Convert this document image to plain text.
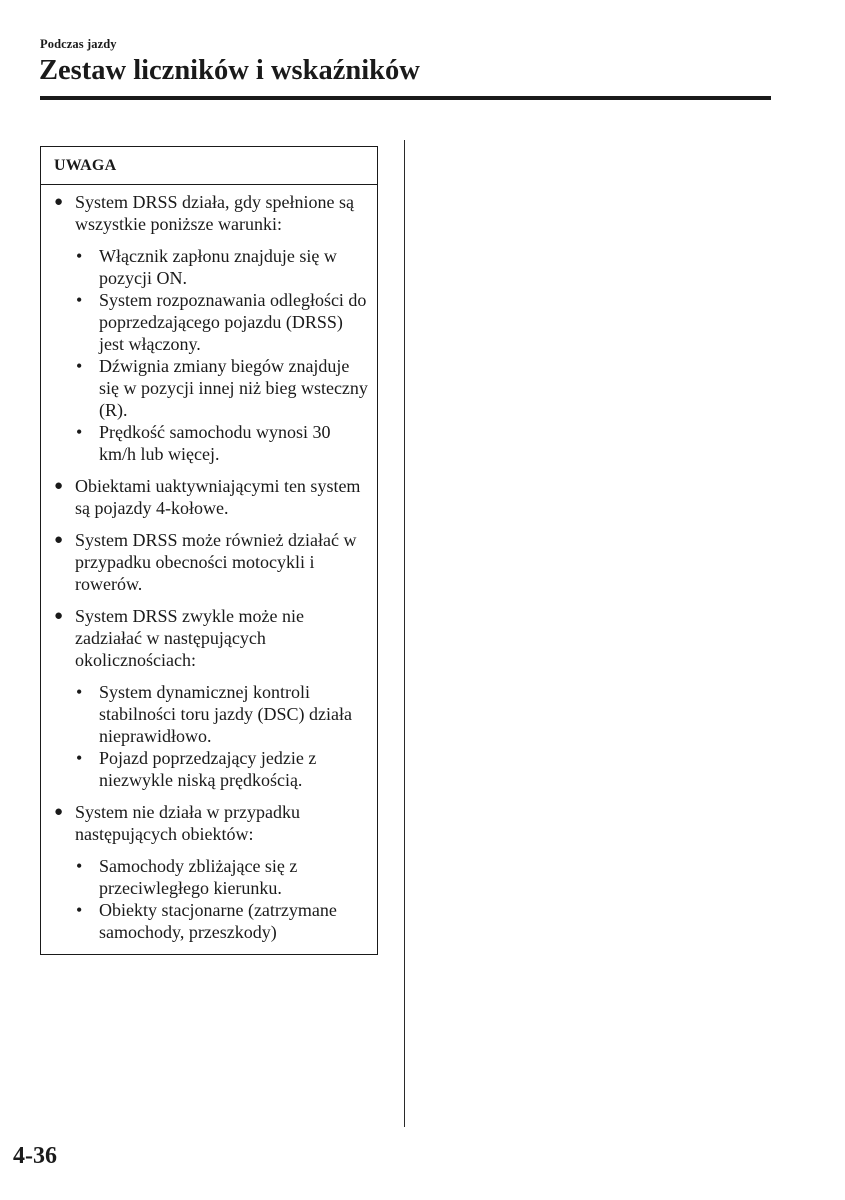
Podczas jazdy
Zestaw liczników i wskaźników
UWAGA
● System DRSS działa, gdy spełnione są wszystkie poniższe warunki:
• Włącznik zapłonu znajduje się w pozycji ON.
• System rozpoznawania odległości do poprzedzającego pojazdu (DRSS) jest włączony.
• Dźwignia zmiany biegów znajduje się w pozycji innej niż bieg wsteczny (R).
• Prędkość samochodu wynosi 30 km/h lub więcej.
● Obiektami uaktywniającymi ten system są pojazdy 4-kołowe.
● System DRSS może również działać w przypadku obecności motocykli i rowerów.
● System DRSS zwykle może nie zadziałać w następujących okolicznościach:
• System dynamicznej kontroli stabilności toru jazdy (DSC) działa nieprawidłowo.
• Pojazd poprzedzający jedzie z niezwykle niską prędkością.
● System nie działa w przypadku następujących obiektów:
• Samochody zbliżające się z przeciwległego kierunku.
• Obiekty stacjonarne (zatrzymane samochody, przeszkody)
4-36
